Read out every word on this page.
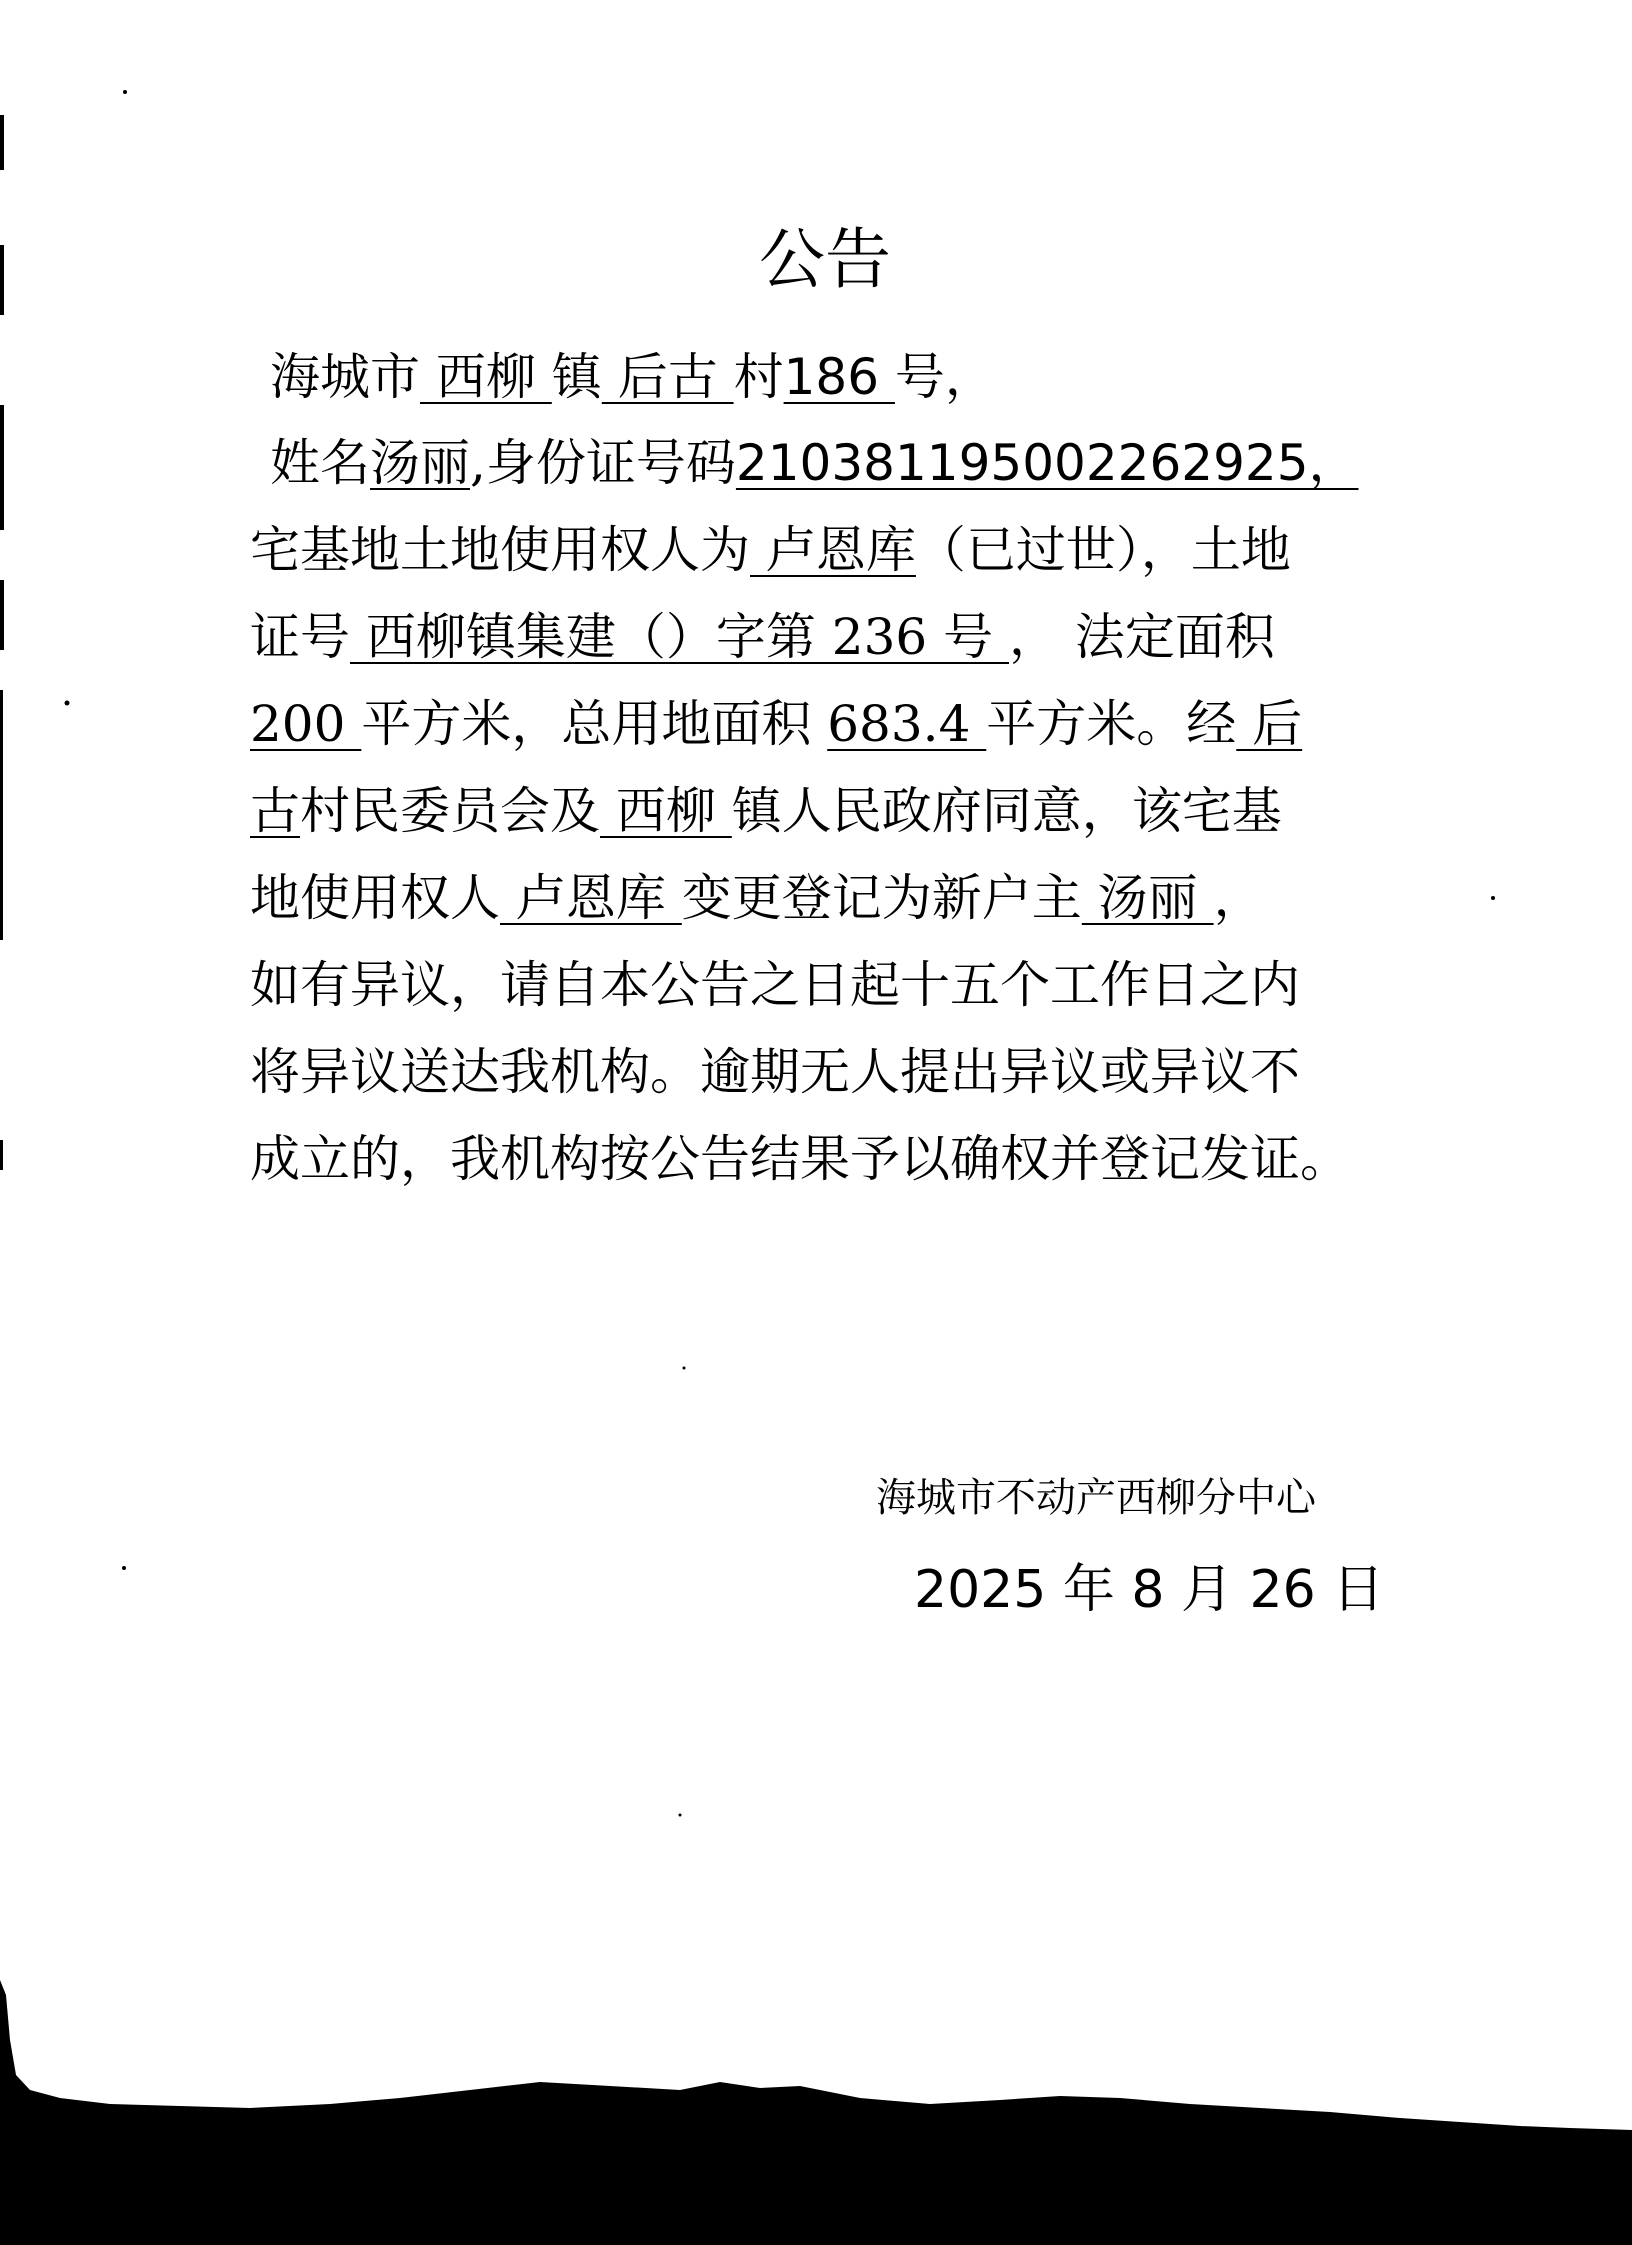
公告
海城市 西柳 镇 后古 村186 号，
姓名汤丽,身份证号码210381195002262925，
宅基地土地使用权人为 卢恩库（已过世），土地
证号 西柳镇集建（）字第 236 号 ， 法定面积
200 平方米，总用地面积 683.4 平方米。经 后
古村民委员会及 西柳 镇人民政府同意，该宅基
地使用权人 卢恩库 变更登记为新户主 汤丽 ，
如有异议，请自本公告之日起十五个工作日之内
将异议送达我机构。逾期无人提出异议或异议不
成立的，我机构按公告结果予以确权并登记发证。
海城市不动产西柳分中心
2025 年 8 月 26 日
